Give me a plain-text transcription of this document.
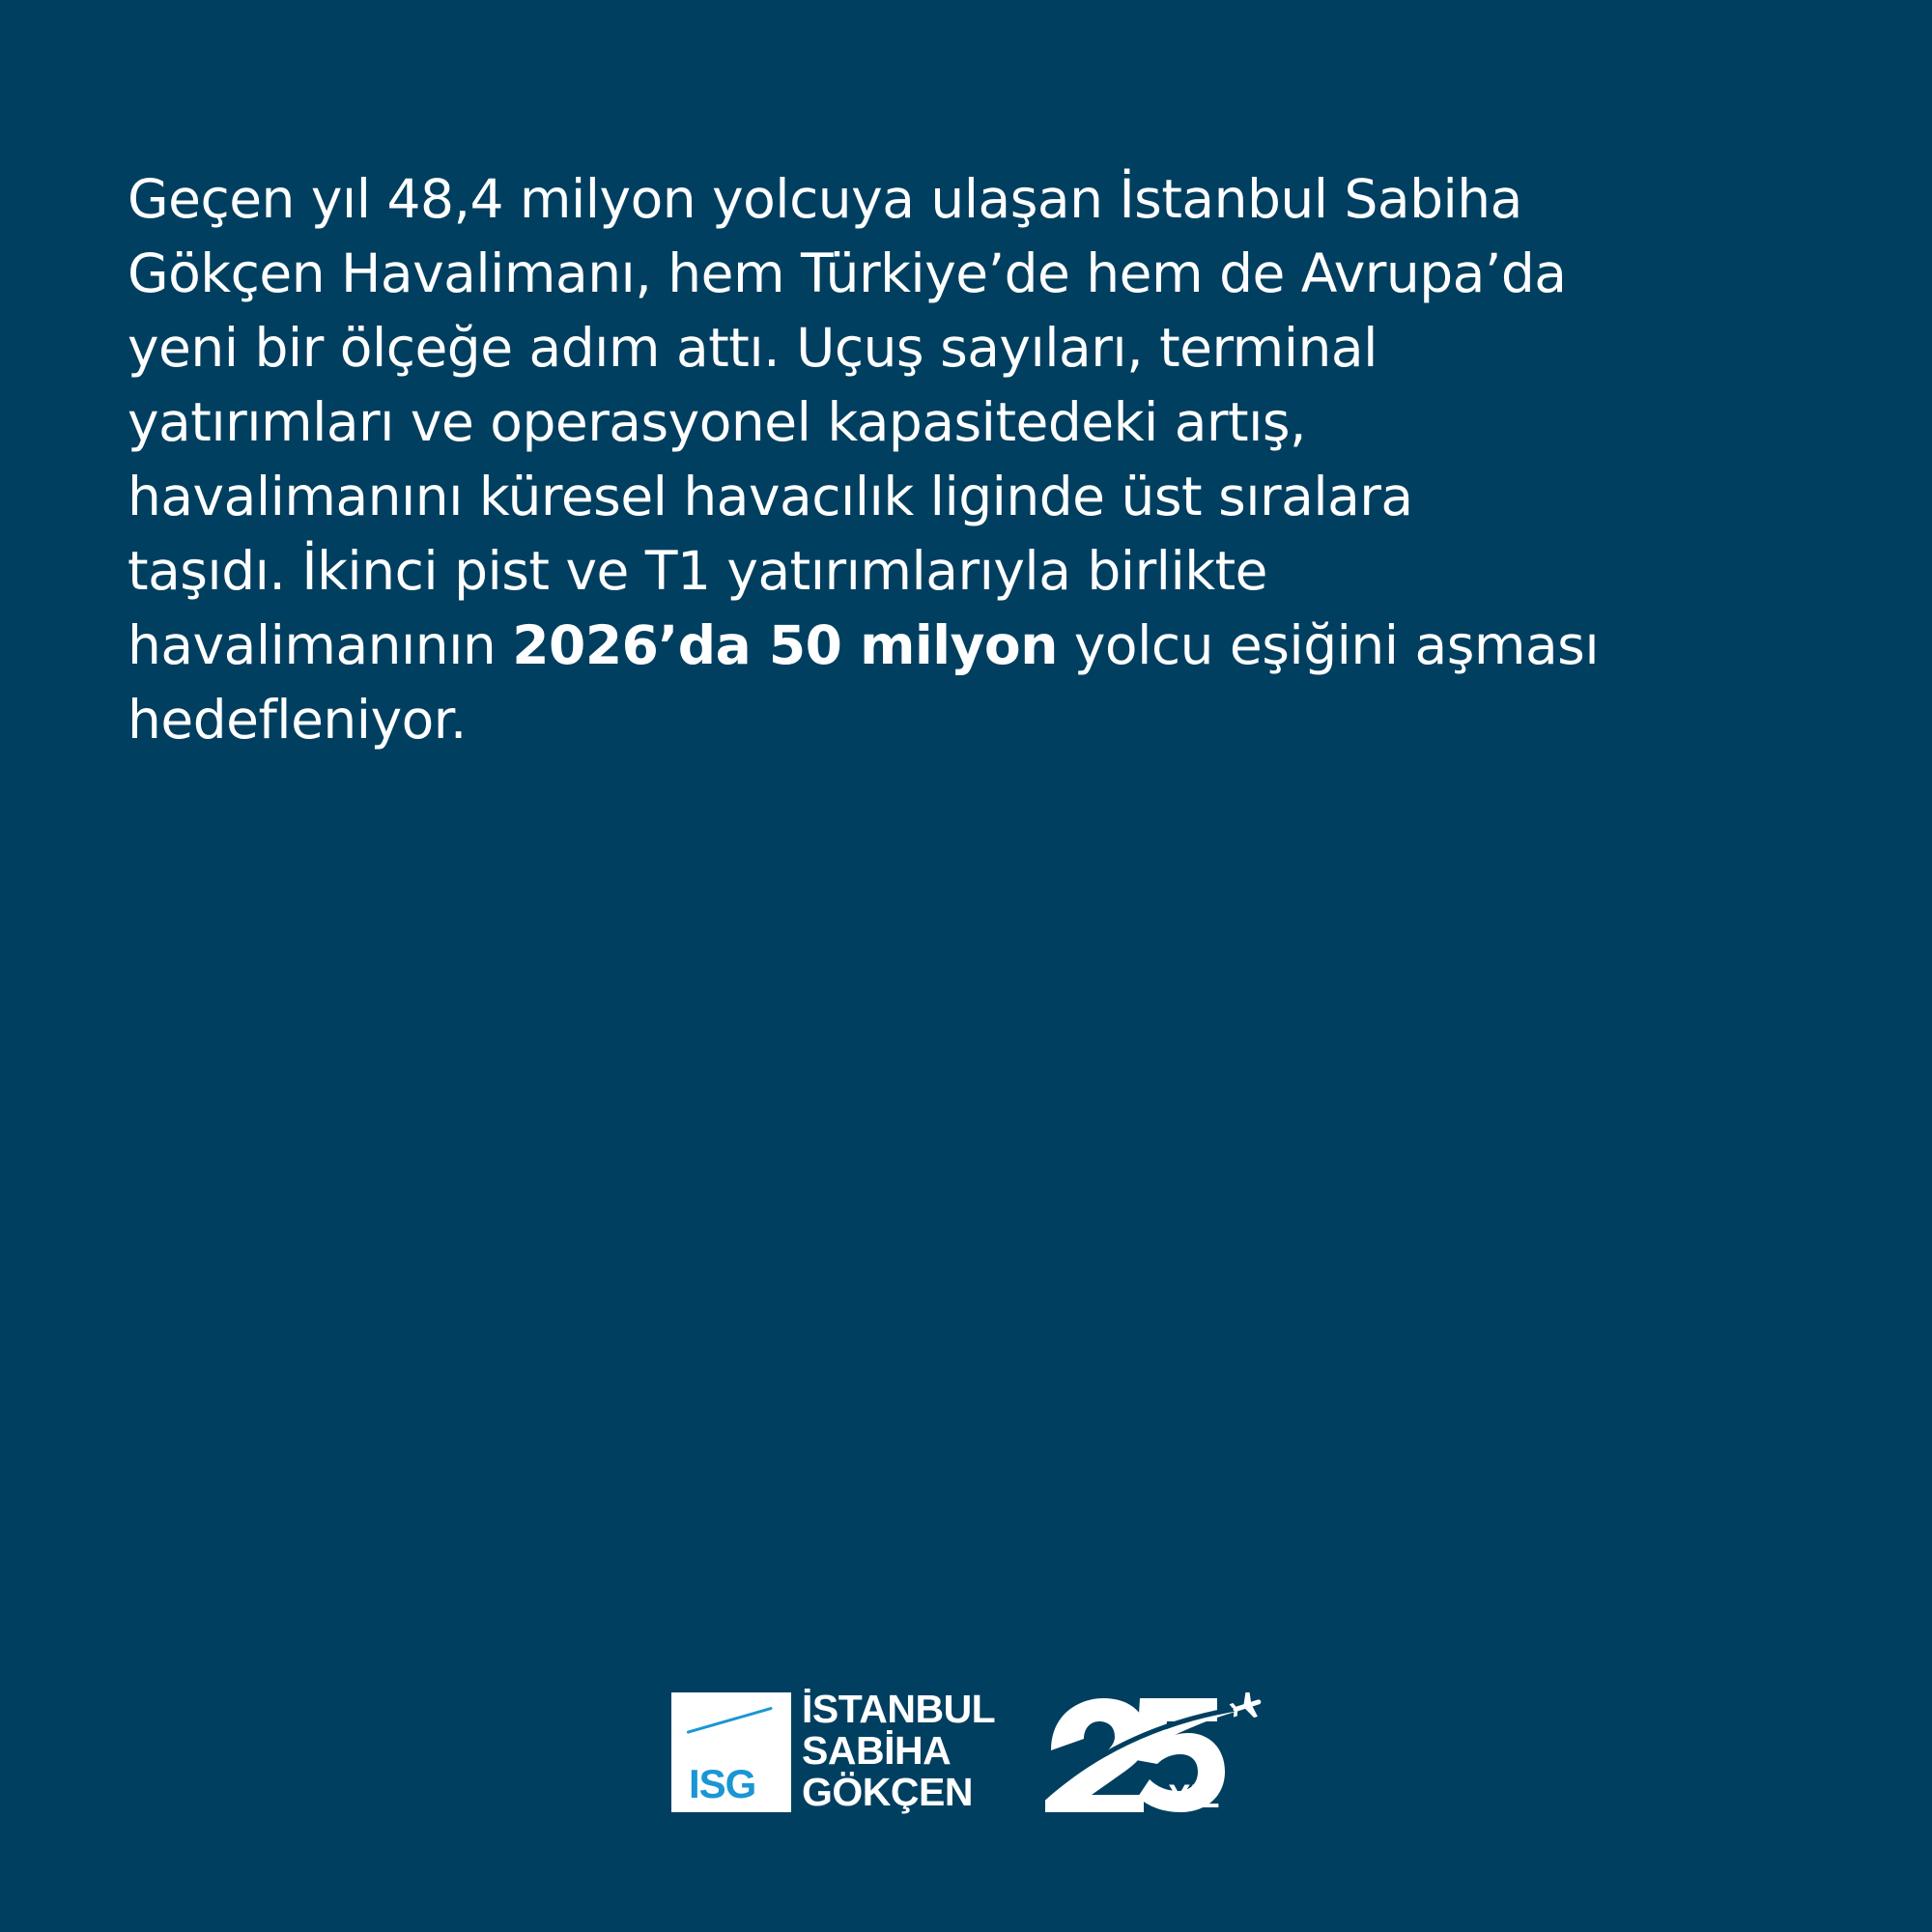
Geçen yıl 48,4 milyon yolcuya ulaşan İstanbul Sabiha
Gökçen Havalimanı, hem Türkiye’de hem de Avrupa’da
yeni bir ölçeğe adım attı. Uçuş sayıları, terminal
yatırımları ve operasyonel kapasitedeki artış,
havalimanını küresel havacılık liginde üst sıralara
taşıdı. İkinci pist ve T1 yatırımlarıyla birlikte
havalimanının 2026’da 50 milyon yolcu eşiğini aşması
hedefleniyor.
ISG
İSTANBUL
SABİHA
GÖKÇEN	.YIL
